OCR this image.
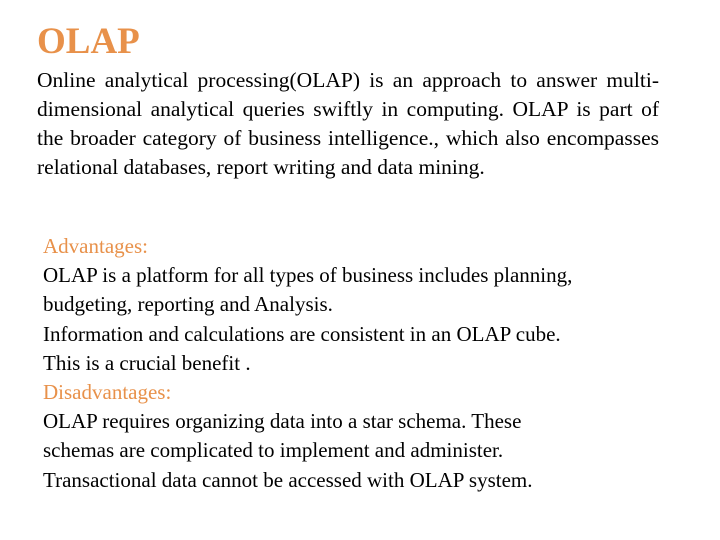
OLAP

Online analytical processing(OLAP) is an approach to answer multi-dimensional analytical queries swiftly in computing. OLAP is part of the broader category of business intelligence., which also encompasses relational databases, report writing and data mining.

Advantages:
OLAP is a platform for all types of business includes planning,
budgeting, reporting and Analysis.
Information and calculations are consistent in an OLAP cube.
This is a crucial benefit .
Disadvantages:
OLAP requires organizing data into a star schema. These
schemas are complicated to implement and administer.
Transactional data cannot be accessed with OLAP system.
